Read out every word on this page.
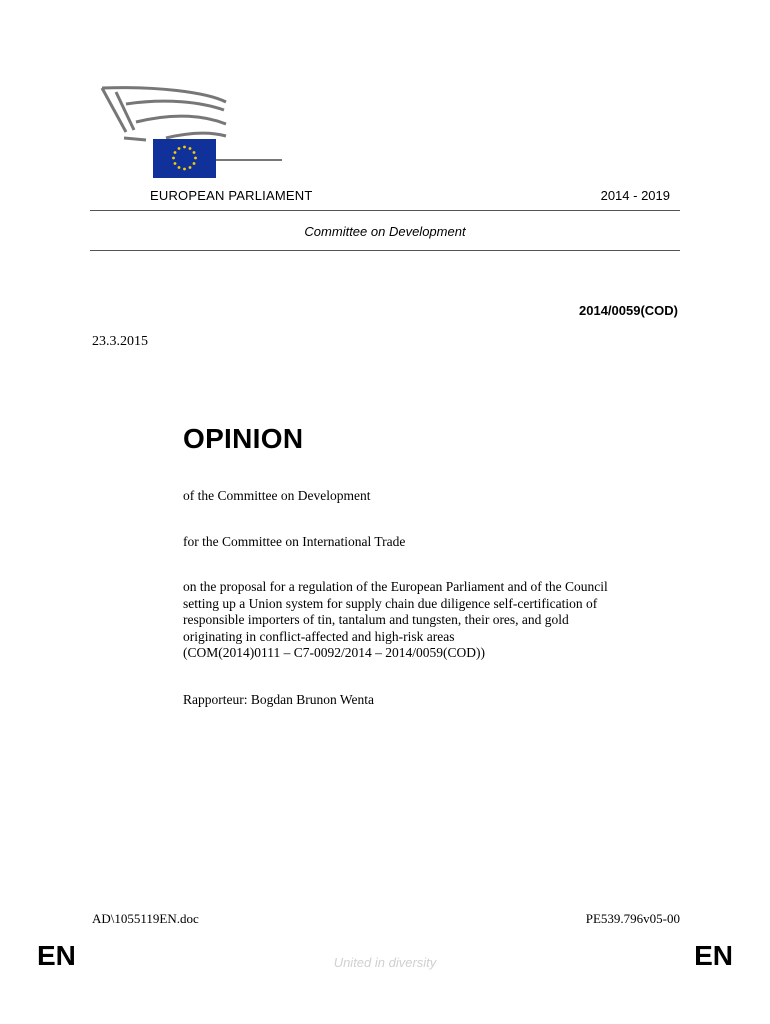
EUROPEAN PARLIAMENT	2014 - 2019
Committee on Development
2014/0059(COD)
23.3.2015
OPINION
of the Committee on Development
for the Committee on International Trade
on the proposal for a regulation of the European Parliament and of the Council
setting up a Union system for supply chain due diligence self-certification of
responsible importers of tin, tantalum and tungsten, their ores, and gold
originating in conflict-affected and high-risk areas
(COM(2014)0111 – C7-0092/2014 – 2014/0059(COD))
Rapporteur: Bogdan Brunon Wenta
AD\1055119EN.doc	PE539.796v05-00
EN	United in diversity	EN
